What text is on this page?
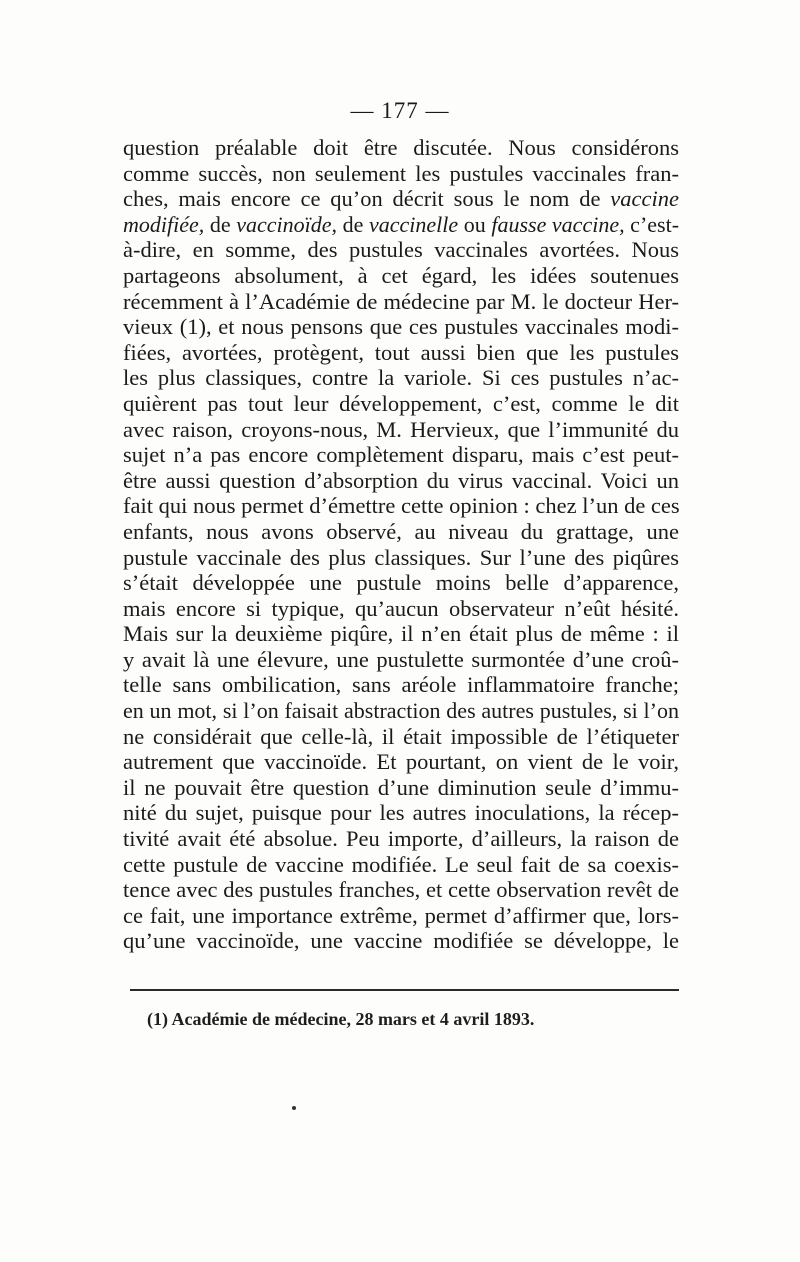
— 177 —
question préalable doit être discutée. Nous considérons
comme succès, non seulement les pustules vaccinales fran-
ches, mais encore ce qu’on décrit sous le nom de vaccine
modifiée, de vaccinoïde, de vaccinelle ou fausse vaccine, c’est-
à-dire, en somme, des pustules vaccinales avortées. Nous
partageons absolument, à cet égard, les idées soutenues
récemment à l’Académie de médecine par M. le docteur Her-
vieux (1), et nous pensons que ces pustules vaccinales modi-
fiées, avortées, protègent, tout aussi bien que les pustules
les plus classiques, contre la variole. Si ces pustules n’ac-
quièrent pas tout leur développement, c’est, comme le dit
avec raison, croyons-nous, M. Hervieux, que l’immunité du
sujet n’a pas encore complètement disparu, mais c’est peut-
être aussi question d’absorption du virus vaccinal. Voici un
fait qui nous permet d’émettre cette opinion : chez l’un de ces
enfants, nous avons observé, au niveau du grattage, une
pustule vaccinale des plus classiques. Sur l’une des piqûres
s’était développée une pustule moins belle d’apparence,
mais encore si typique, qu’aucun observateur n’eût hésité.
Mais sur la deuxième piqûre, il n’en était plus de même : il
y avait là une élevure, une pustulette surmontée d’une croû-
telle sans ombilication, sans aréole inflammatoire franche;
en un mot, si l’on faisait abstraction des autres pustules, si l’on
ne considérait que celle-là, il était impossible de l’étiqueter
autrement que vaccinoïde. Et pourtant, on vient de le voir,
il ne pouvait être question d’une diminution seule d’immu-
nité du sujet, puisque pour les autres inoculations, la récep-
tivité avait été absolue. Peu importe, d’ailleurs, la raison de
cette pustule de vaccine modifiée. Le seul fait de sa coexis-
tence avec des pustules franches, et cette observation revêt de
ce fait, une importance extrême, permet d’affirmer que, lors-
qu’une vaccinoïde, une vaccine modifiée se développe, le
(1) Académie de médecine, 28 mars et 4 avril 1893.
